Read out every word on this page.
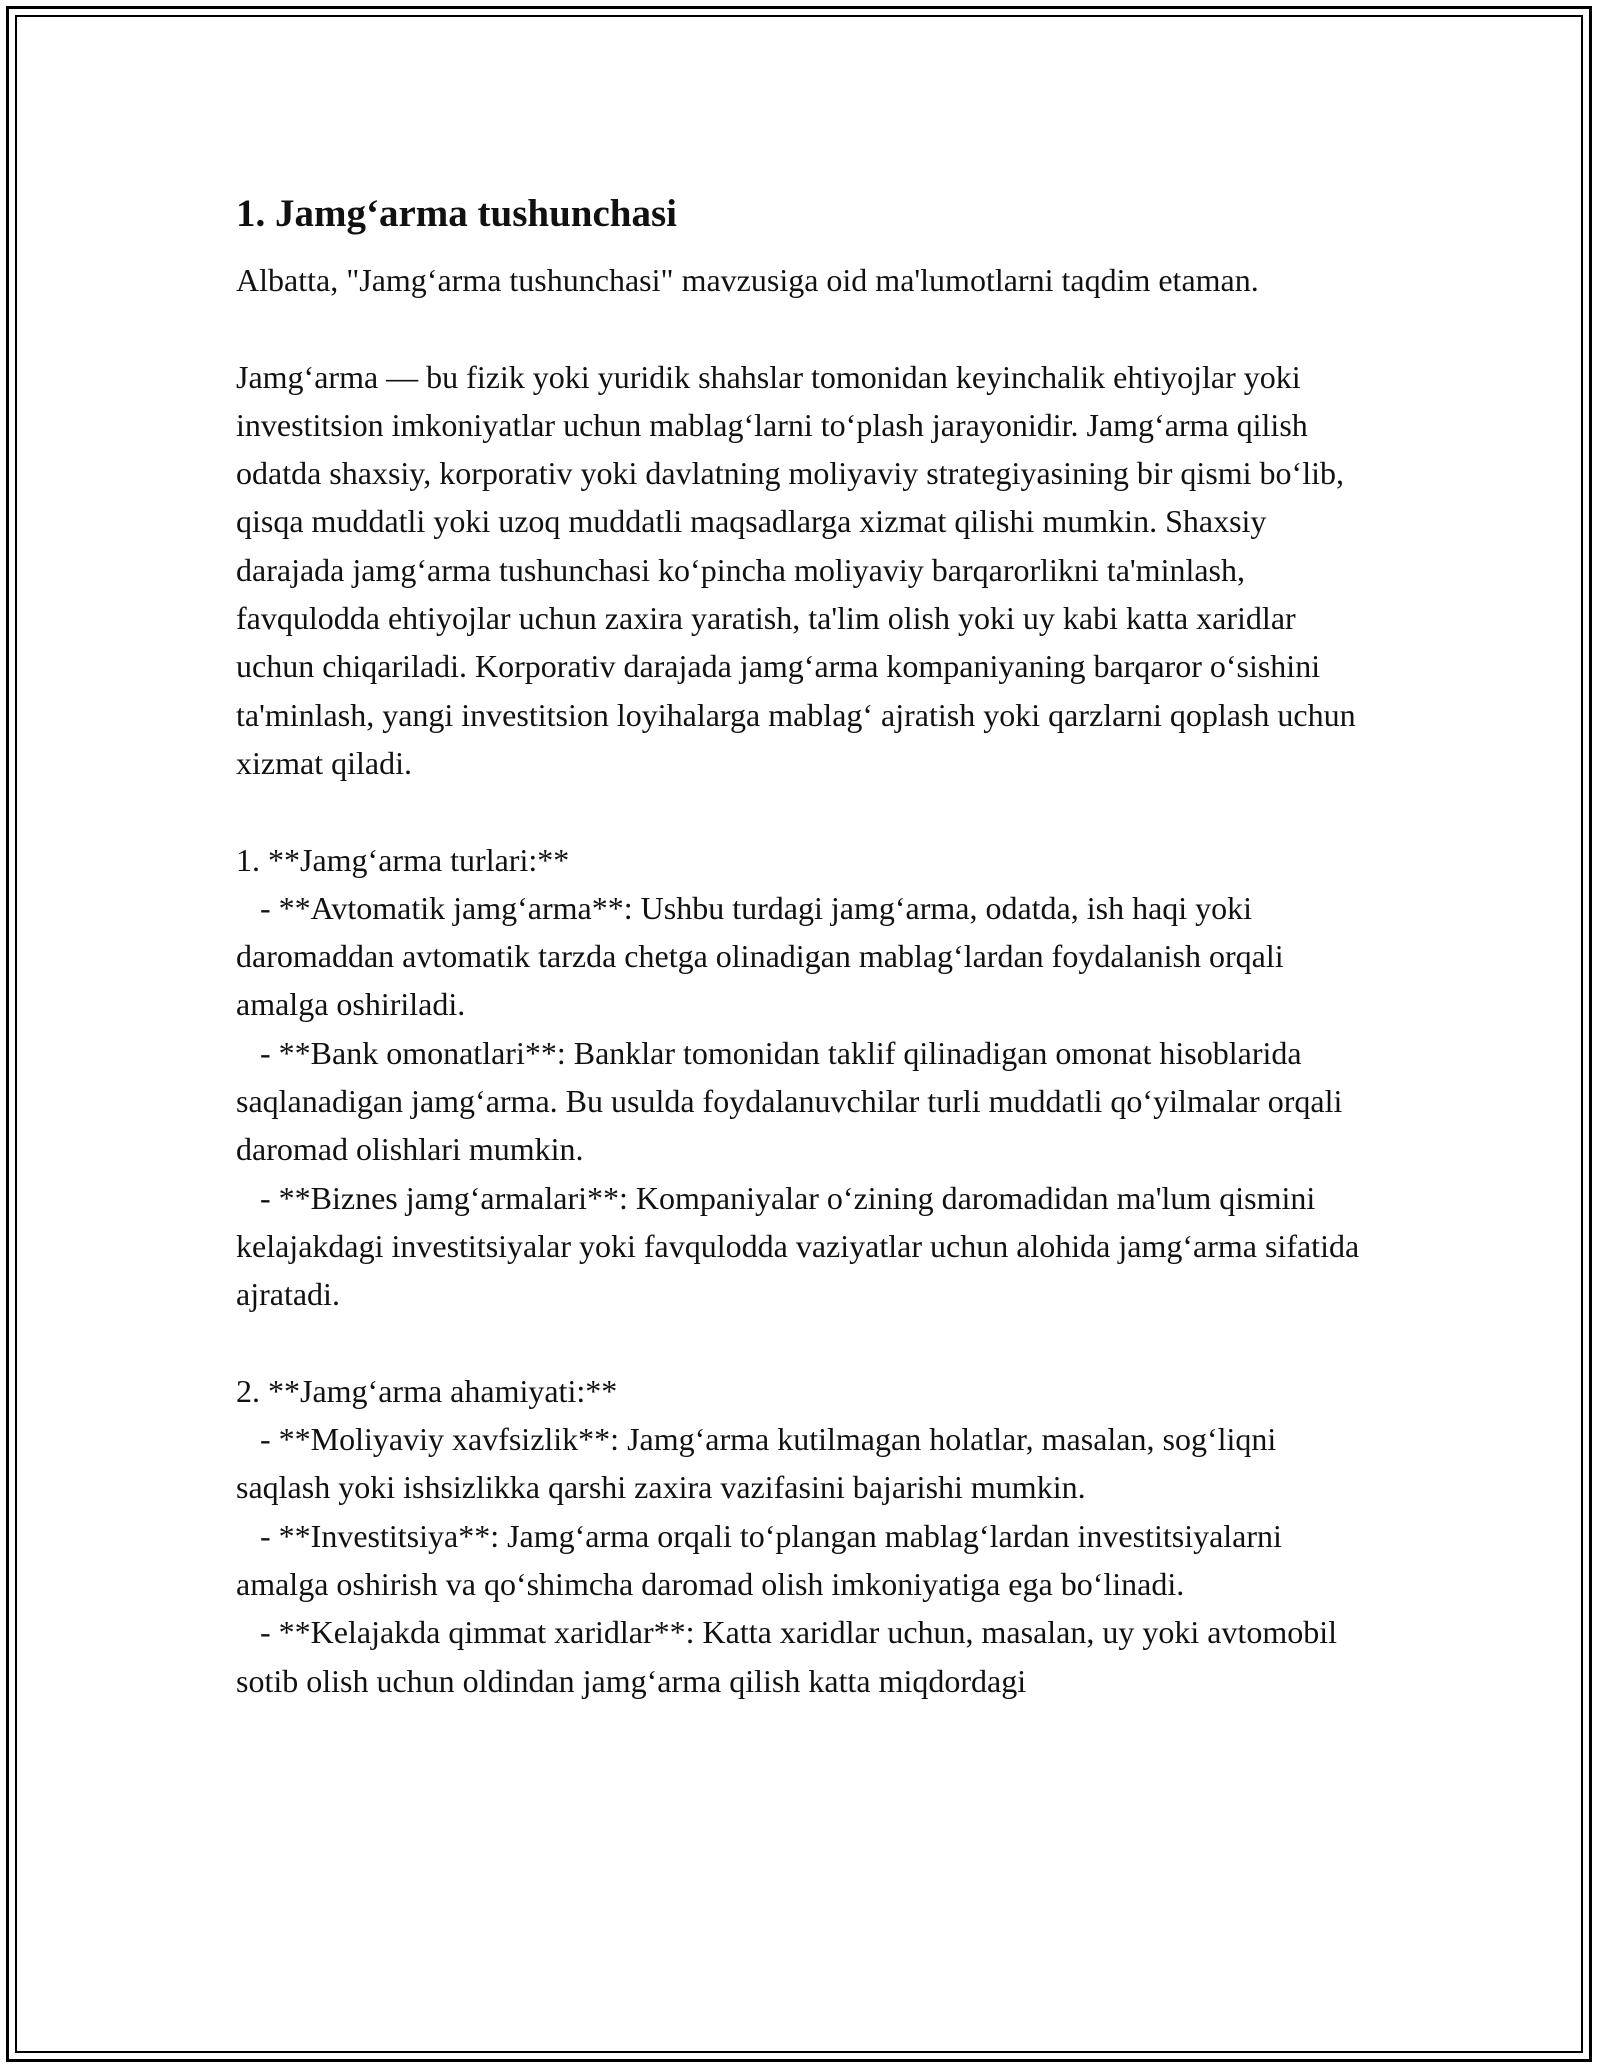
1. Jamg‘arma tushunchasi

Albatta, "Jamg‘arma tushunchasi" mavzusiga oid ma'lumotlarni taqdim etaman.

Jamg‘arma — bu fizik yoki yuridik shahslar tomonidan keyinchalik ehtiyojlar yoki investitsion imkoniyatlar uchun mablag‘larni to‘plash jarayonidir. Jamg‘arma qilish odatda shaxsiy, korporativ yoki davlatning moliyaviy strategiyasining bir qismi bo‘lib, qisqa muddatli yoki uzoq muddatli maqsadlarga xizmat qilishi mumkin. Shaxsiy darajada jamg‘arma tushunchasi ko‘pincha moliyaviy barqarorlikni ta'minlash, favqulodda ehtiyojlar uchun zaxira yaratish, ta'lim olish yoki uy kabi katta xaridlar uchun chiqariladi. Korporativ darajada jamg‘arma kompaniyaning barqaror o‘sishini ta'minlash, yangi investitsion loyihalarga mablag‘ ajratish yoki qarzlarni qoplash uchun xizmat qiladi.

1. **Jamg‘arma turlari:**

- **Avtomatik jamg‘arma**: Ushbu turdagi jamg‘arma, odatda, ish haqi yoki daromaddan avtomatik tarzda chetga olinadigan mablag‘lardan foydalanish orqali amalga oshiriladi.

- **Bank omonatlari**: Banklar tomonidan taklif qilinadigan omonat hisoblarida saqlanadigan jamg‘arma. Bu usulda foydalanuvchilar turli muddatli qo‘yilmalar orqali daromad olishlari mumkin.

- **Biznes jamg‘armalari**: Kompaniyalar o‘zining daromadidan ma'lum qismini kelajakdagi investitsiyalar yoki favqulodda vaziyatlar uchun alohida jamg‘arma sifatida ajratadi.

2. **Jamg‘arma ahamiyati:**

- **Moliyaviy xavfsizlik**: Jamg‘arma kutilmagan holatlar, masalan, sog‘liqni saqlash yoki ishsizlikka qarshi zaxira vazifasini bajarishi mumkin.

- **Investitsiya**: Jamg‘arma orqali to‘plangan mablag‘lardan investitsiyalarni amalga oshirish va qo‘shimcha daromad olish imkoniyatiga ega bo‘linadi.

- **Kelajakda qimmat xaridlar**: Katta xaridlar uchun, masalan, uy yoki avtomobil sotib olish uchun oldindan jamg‘arma qilish katta miqdordagi
